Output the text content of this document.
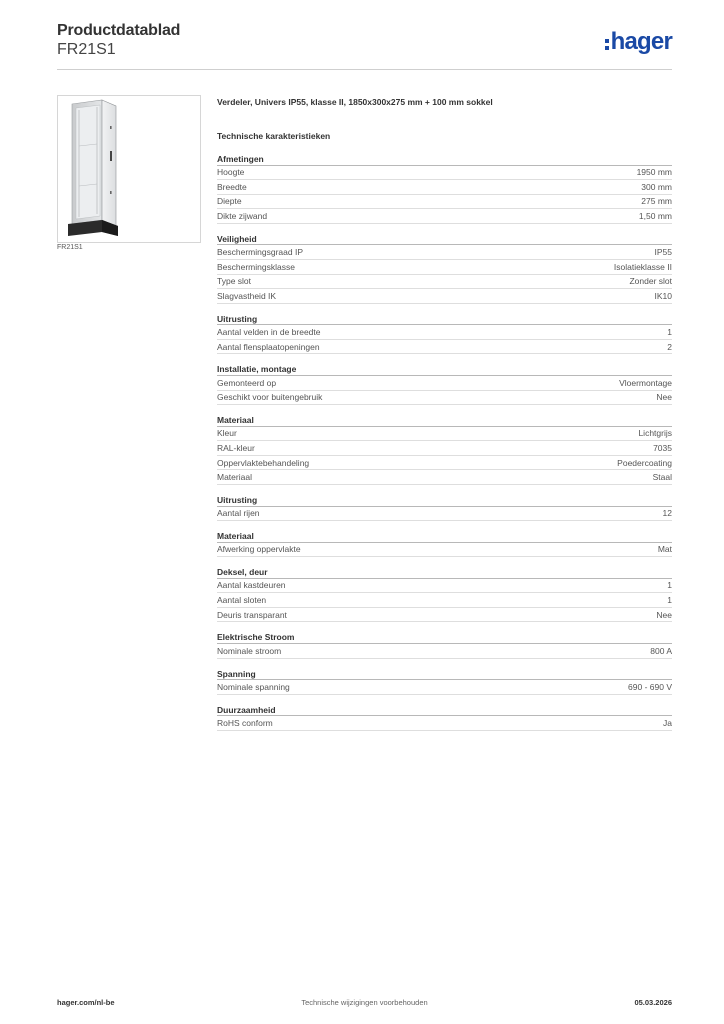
Productdatablad
FR21S1	hager
FR21S1
Verdeler, Univers IP55, klasse II, 1850x300x275 mm + 100 mm sokkel
Technische karakteristieken
Afmetingen
Hoogte	1950 mm
Breedte	300 mm
Diepte	275 mm
Dikte zijwand	1,50 mm
Veiligheid
Beschermingsgraad IP	IP55
Beschermingsklasse	Isolatieklasse II
Type slot	Zonder slot
Slagvastheid IK	IK10
Uitrusting
Aantal velden in de breedte	1
Aantal flensplaatopeningen	2
Installatie, montage
Gemonteerd op	Vloermontage
Geschikt voor buitengebruik	Nee
Materiaal
Kleur	Lichtgrijs
RAL-kleur	7035
Oppervlaktebehandeling	Poedercoating
Materiaal	Staal
Uitrusting
Aantal rijen	12
Materiaal
Afwerking oppervlakte	Mat
Deksel, deur
Aantal kastdeuren	1
Aantal sloten	1
Deuris transparant	Nee
Elektrische Stroom
Nominale stroom	800 A
Spanning
Nominale spanning	690 - 690 V
Duurzaamheid
RoHS conform	Ja
Technische wijzigingen voorbehouden
hager.com/nl-be	05.03.2026
